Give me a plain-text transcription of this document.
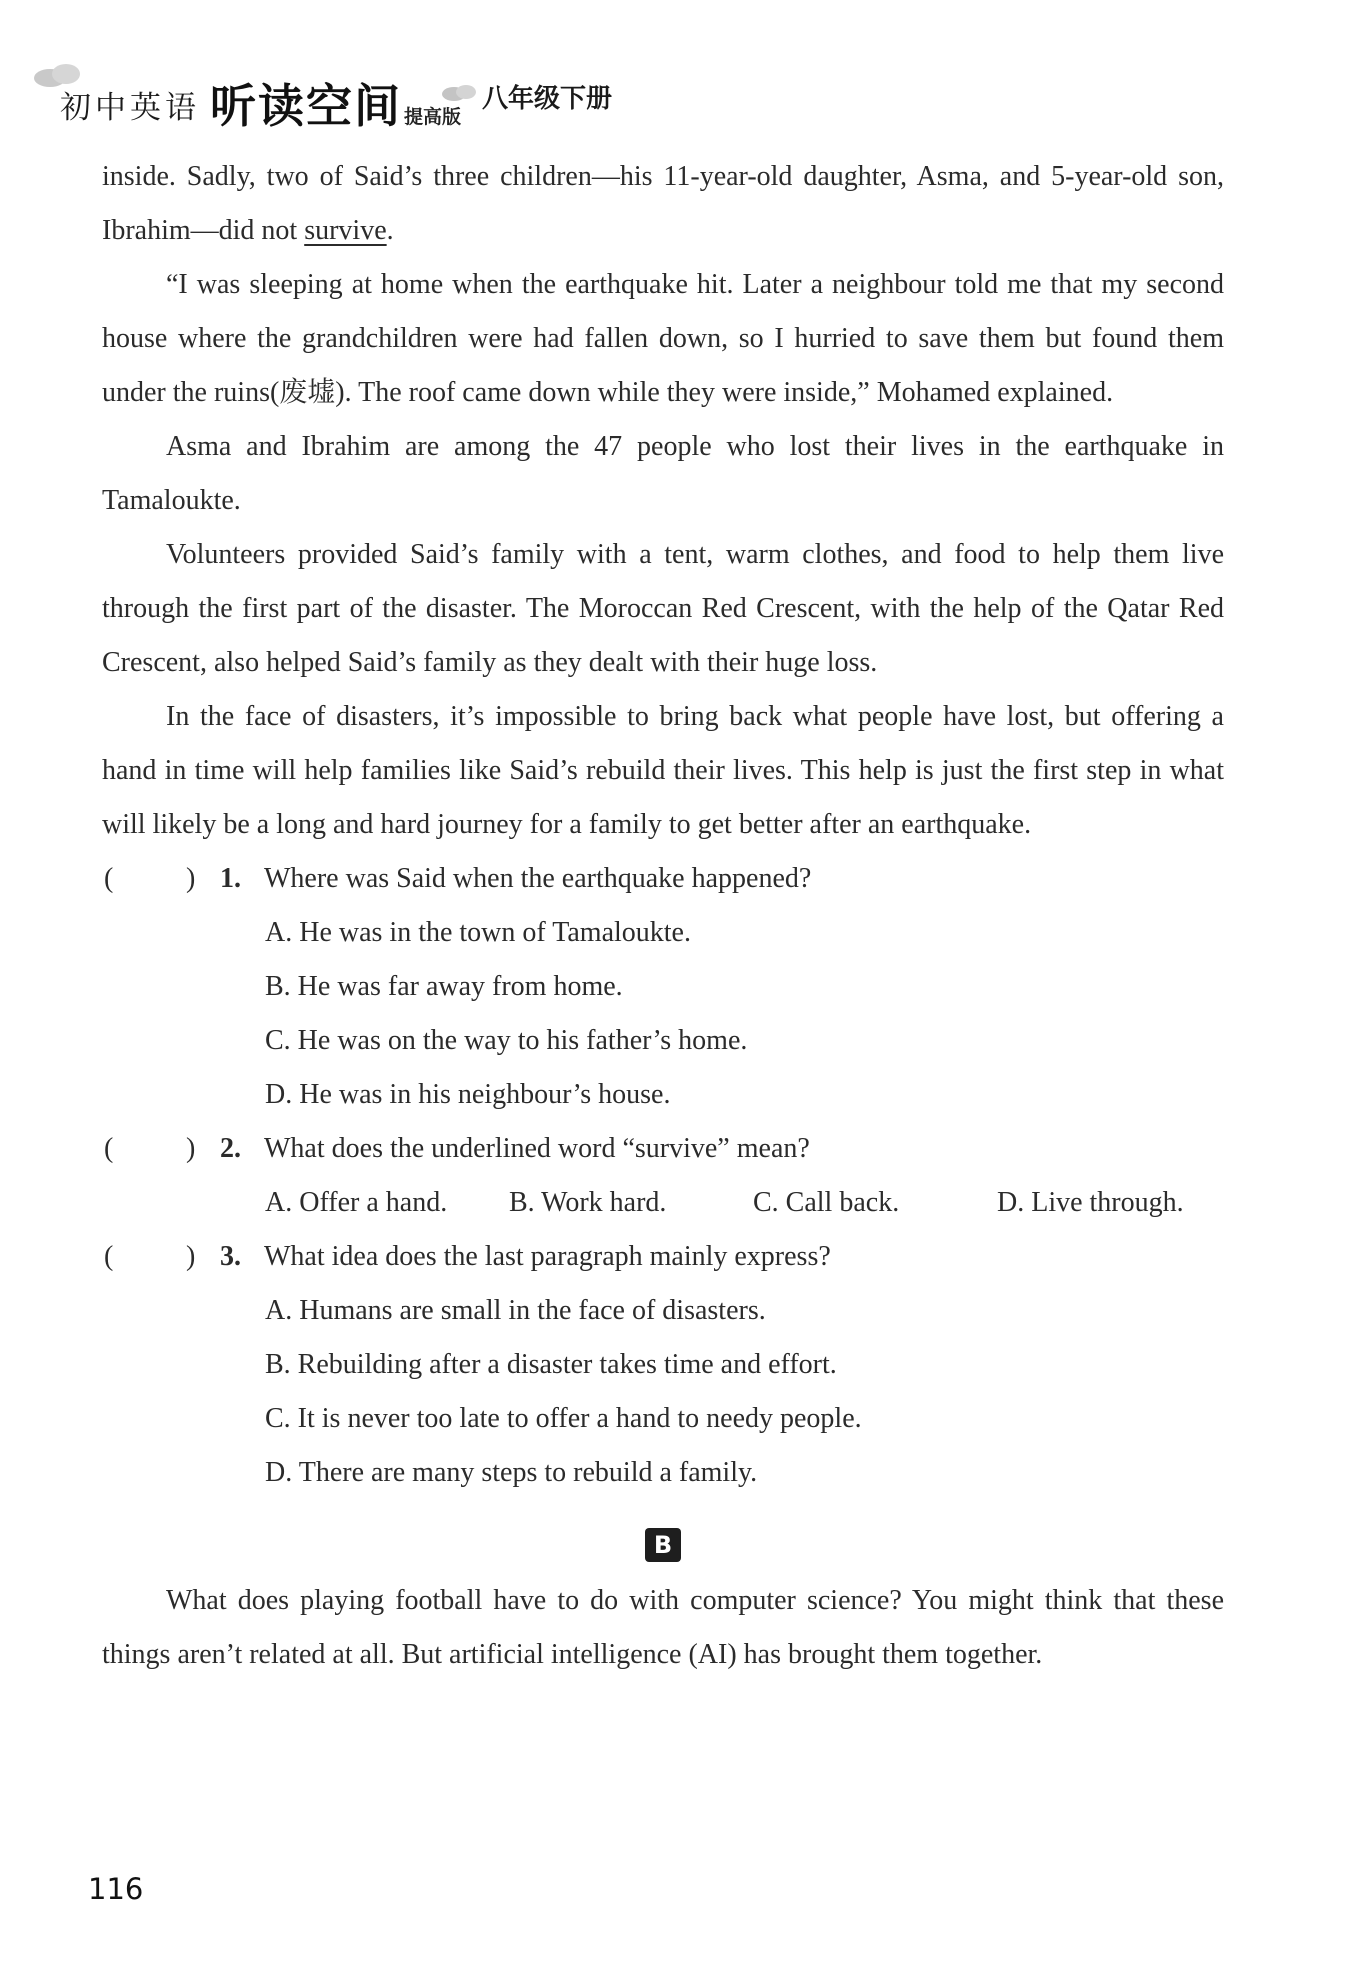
初中英语 听读空间 提高版
八年级下册

inside. Sadly, two of Said’s three children—his 11-year-old daughter, Asma, and 5-year-old son, Ibrahim—did not survive.

“I was sleeping at home when the earthquake hit. Later a neighbour told me that my second house where the grandchildren were had fallen down, so I hurried to save them but found them under the ruins(废墟). The roof came down while they were inside,” Mohamed explained.

Asma and Ibrahim are among the 47 people who lost their lives in the earthquake in Tamaloukte.

Volunteers provided Said’s family with a tent, warm clothes, and food to help them live through the first part of the disaster. The Moroccan Red Crescent, with the help of the Qatar Red Crescent, also helped Said’s family as they dealt with their huge loss.

In the face of disasters, it’s impossible to bring back what people have lost, but offering a hand in time will help families like Said’s rebuild their lives. This help is just the first step in what will likely be a long and hard journey for a family to get better after an earthquake.

(	) 1. Where was Said when the earthquake happened?
A. He was in the town of Tamaloukte.
B. He was far away from home.
C. He was on the way to his father’s home.
D. He was in his neighbour’s house.
(	) 2. What does the underlined word “survive” mean?
A. Offer a hand. B. Work hard.	C. Call back.	D. Live through.
(	) 3. What idea does the last paragraph mainly express?
A. Humans are small in the face of disasters.
B. Rebuilding after a disaster takes time and effort.
C. It is never too late to offer a hand to needy people.
D. There are many steps to rebuild a family.
B

What does playing football have to do with computer science? You might think that these things aren’t related at all. But artificial intelligence (AI) has brought them together.

116
